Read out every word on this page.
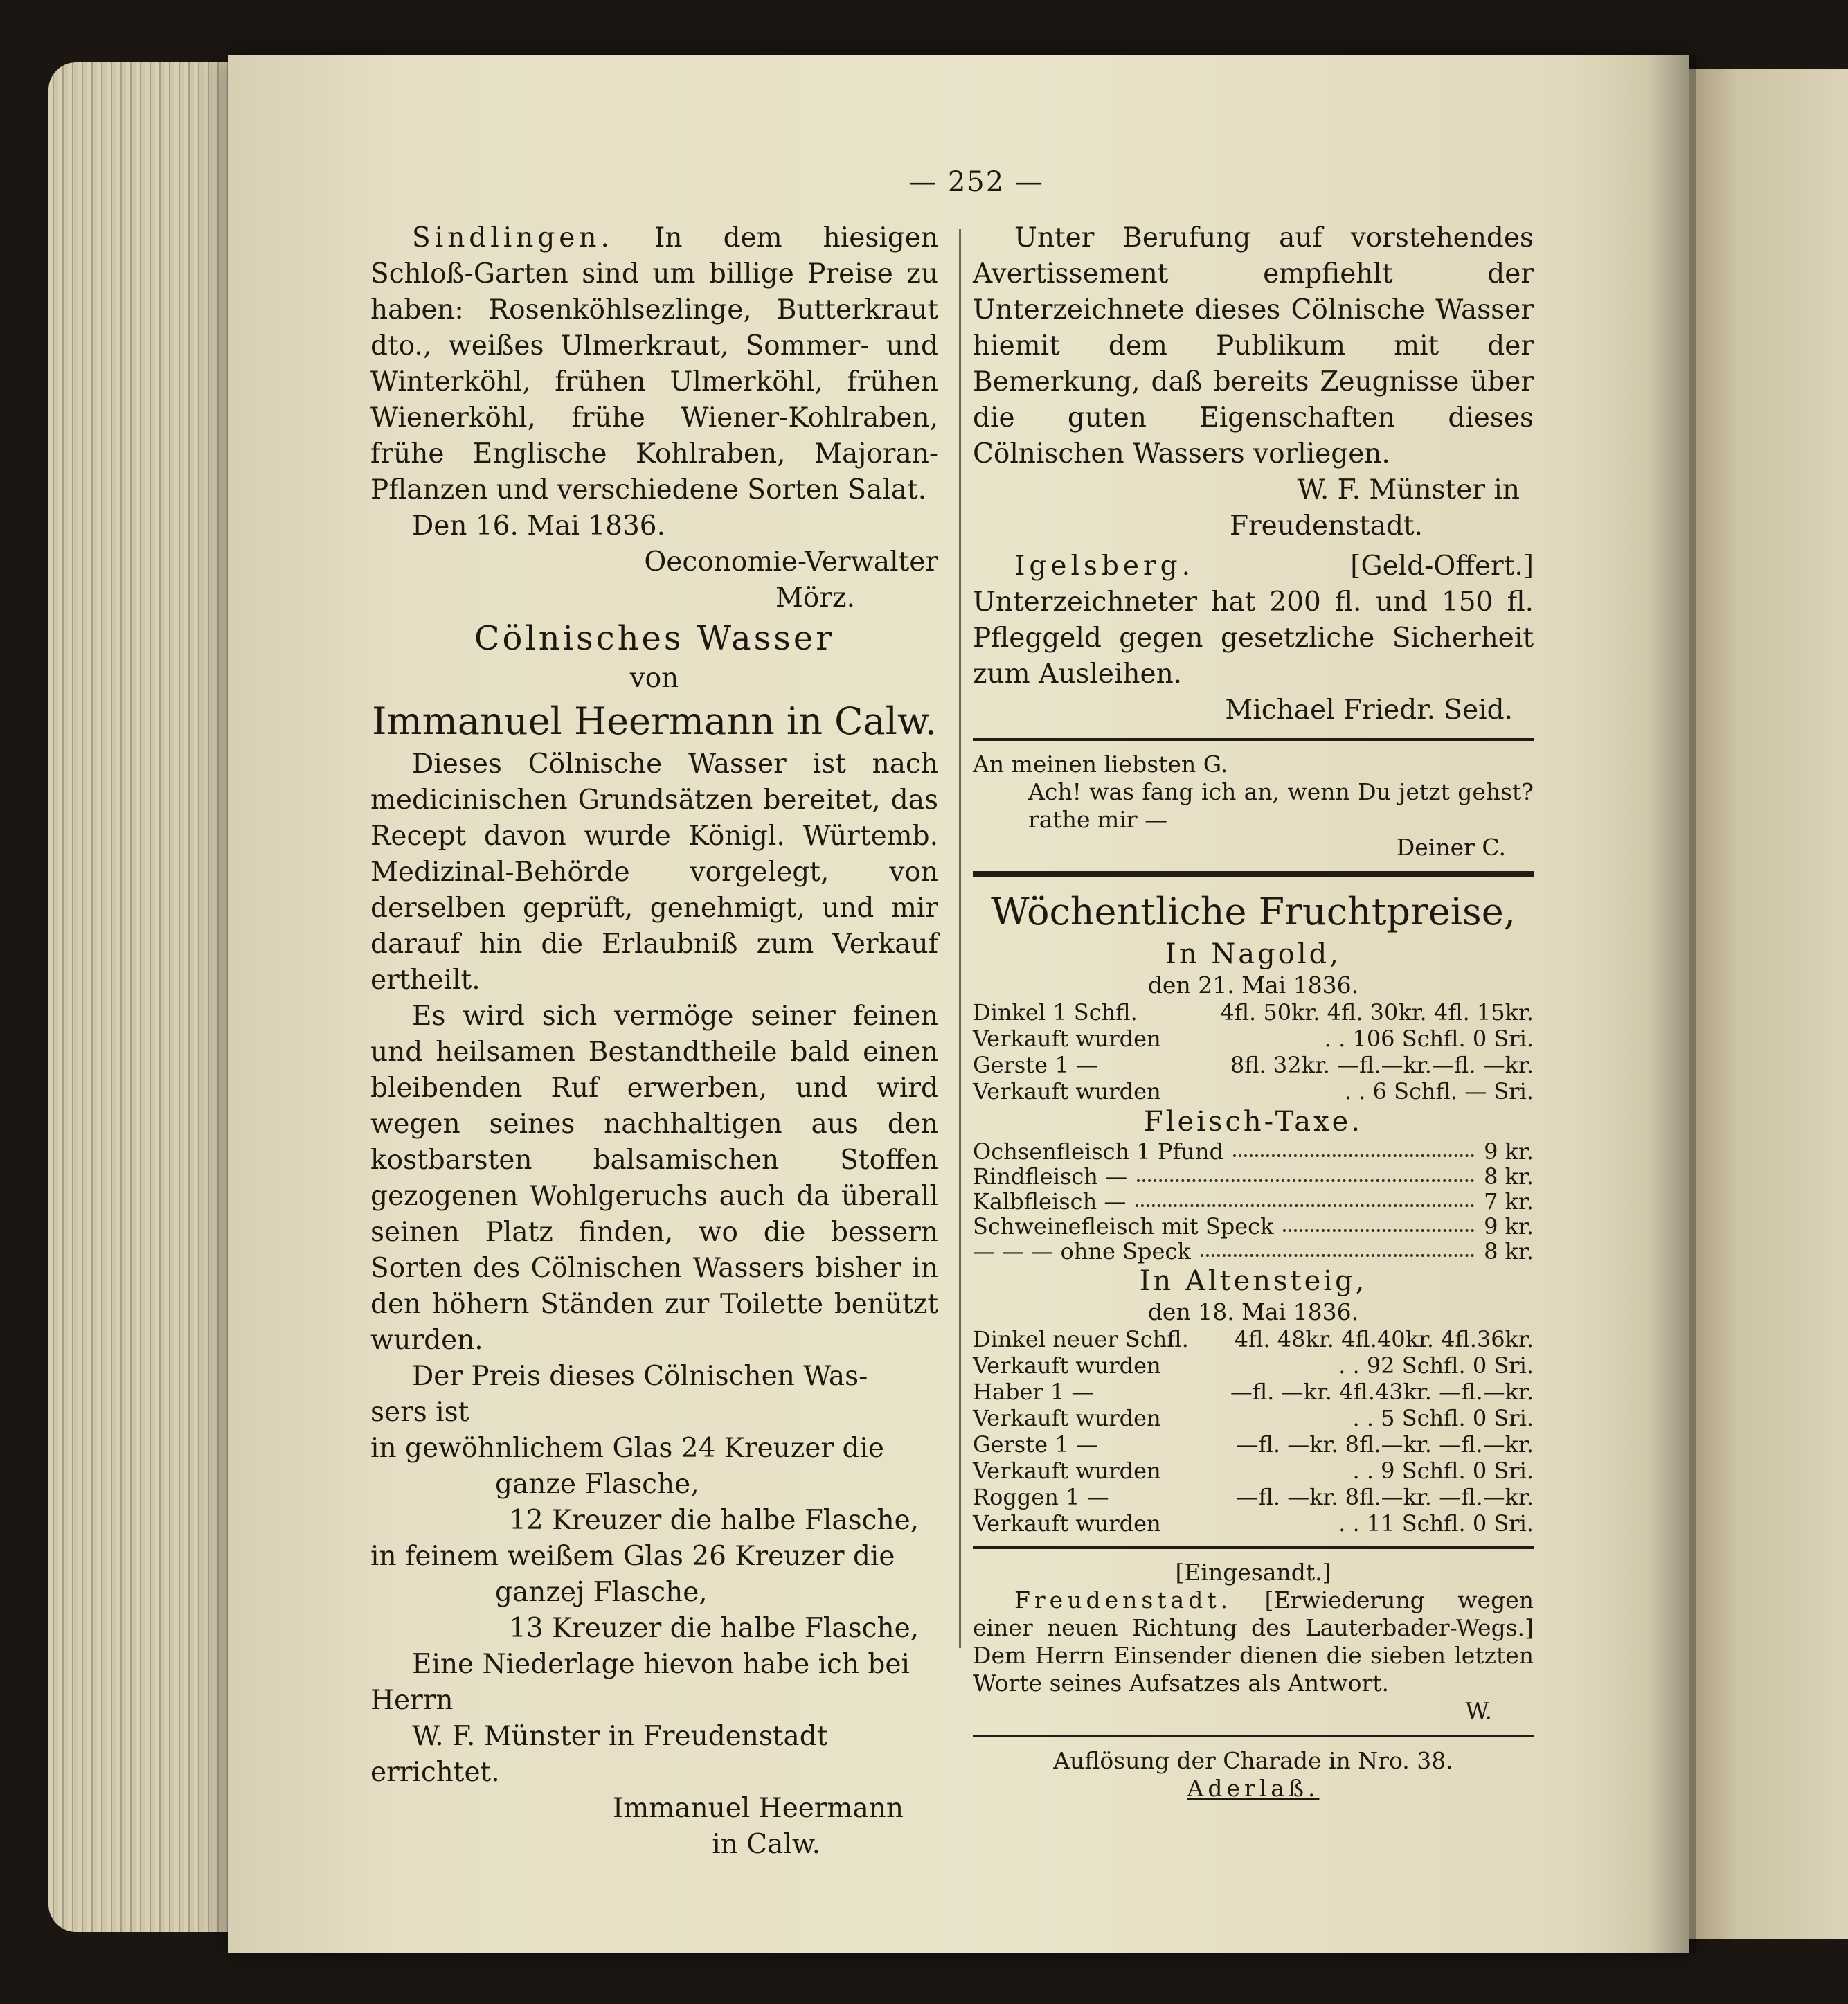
— 252 —

Sindlingen. In dem hiesigen Schloß-Garten sind um billige Preise zu haben: Rosenköhlsezlinge, Butterkraut dto., weißes Ulmerkraut, Sommer- und Winterköhl, frühen Ulmerköhl, frühen Wienerköhl, frühe Wiener-Kohlraben, frühe Englische Kohlraben, Majoran-Pflanzen und verschiedene Sorten Salat.

Den 16. Mai 1836.

Oeconomie-Verwalter

Mörz.

Cölnisches Wasser

von

Immanuel Heermann in Calw.

Dieses Cölnische Wasser ist nach medicinischen Grundsätzen bereitet, das Recept davon wurde Königl. Würtemb. Medizinal-Behörde vorgelegt, von derselben geprüft, genehmigt, und mir darauf hin die Erlaubniß zum Verkauf ertheilt.

Es wird sich vermöge seiner feinen und heilsamen Bestandtheile bald einen bleibenden Ruf erwerben, und wird wegen seines nachhaltigen aus den kostbarsten balsamischen Stoffen gezogenen Wohlgeruchs auch da überall seinen Platz finden, wo die bessern Sorten des Cölnischen Wassers bisher in den höhern Ständen zur Toilette benützt wurden.

Der Preis dieses Cölnischen Was-

sers ist

in gewöhnlichem Glas 24 Kreuzer die

ganze Flasche,

12 Kreuzer die halbe Flasche,

in feinem weißem Glas 26 Kreuzer die

ganzej Flasche,

13 Kreuzer die halbe Flasche,

Eine Niederlage hievon habe ich bei

Herrn

W. F. Münster in Freudenstadt

errichtet.

Immanuel Heermann

in Calw.

Unter Berufung auf vorstehendes Avertissement empfiehlt der Unterzeichnete dieses Cölnische Wasser hiemit dem Publikum mit der Bemerkung, daß bereits Zeugnisse über die guten Eigenschaften dieses Cölnischen Wassers vorliegen.

W. F. Münster in

Freudenstadt.

Igelsberg.	[Geld-Offert.] Unterzeichneter hat 200 fl. und 150 fl. Pfleggeld gegen gesetzliche Sicherheit zum Ausleihen.

Michael Friedr. Seid.

An meinen liebsten G.

Ach! was fang ich an, wenn Du jetzt gehst? rathe mir —

Deiner C.

Wöchentliche Fruchtpreise,

In Nagold,

den 21. Mai 1836.

Dinkel 1 Schfl.	4fl. 50kr. 4fl. 30kr. 4fl. 15kr.
Verkauft wurden	. . 106 Schfl. 0 Sri.
Gerste 1 —	8fl. 32kr. —fl.—kr.—fl. —kr.
Verkauft wurden	. . 6 Schfl. — Sri.

Fleisch-Taxe.

Ochsenfleisch 1 Pfund	9 kr.
Rindfleisch —	8 kr.
Kalbfleisch —	7 kr.
Schweinefleisch mit Speck	9 kr.
— — — ohne Speck	8 kr.

In Altensteig,

den 18. Mai 1836.

Dinkel neuer Schfl.	4fl. 48kr. 4fl.40kr. 4fl.36kr.
Verkauft wurden	. . 92 Schfl. 0 Sri.
Haber 1 —	—fl. —kr. 4fl.43kr. —fl.—kr.
Verkauft wurden	. . 5 Schfl. 0 Sri.
Gerste 1 —	—fl. —kr. 8fl.—kr. —fl.—kr.
Verkauft wurden	. . 9 Schfl. 0 Sri.
Roggen 1 —	—fl. —kr. 8fl.—kr. —fl.—kr.
Verkauft wurden	. . 11 Schfl. 0 Sri.

[Eingesandt.]

Freudenstadt. [Erwiederung wegen einer neuen Richtung des Lauterbader-Wegs.] Dem Herrn Einsender dienen die sieben letzten Worte seines Aufsatzes als Antwort.

W.

Auflösung der Charade in Nro. 38.

Aderlaß.
